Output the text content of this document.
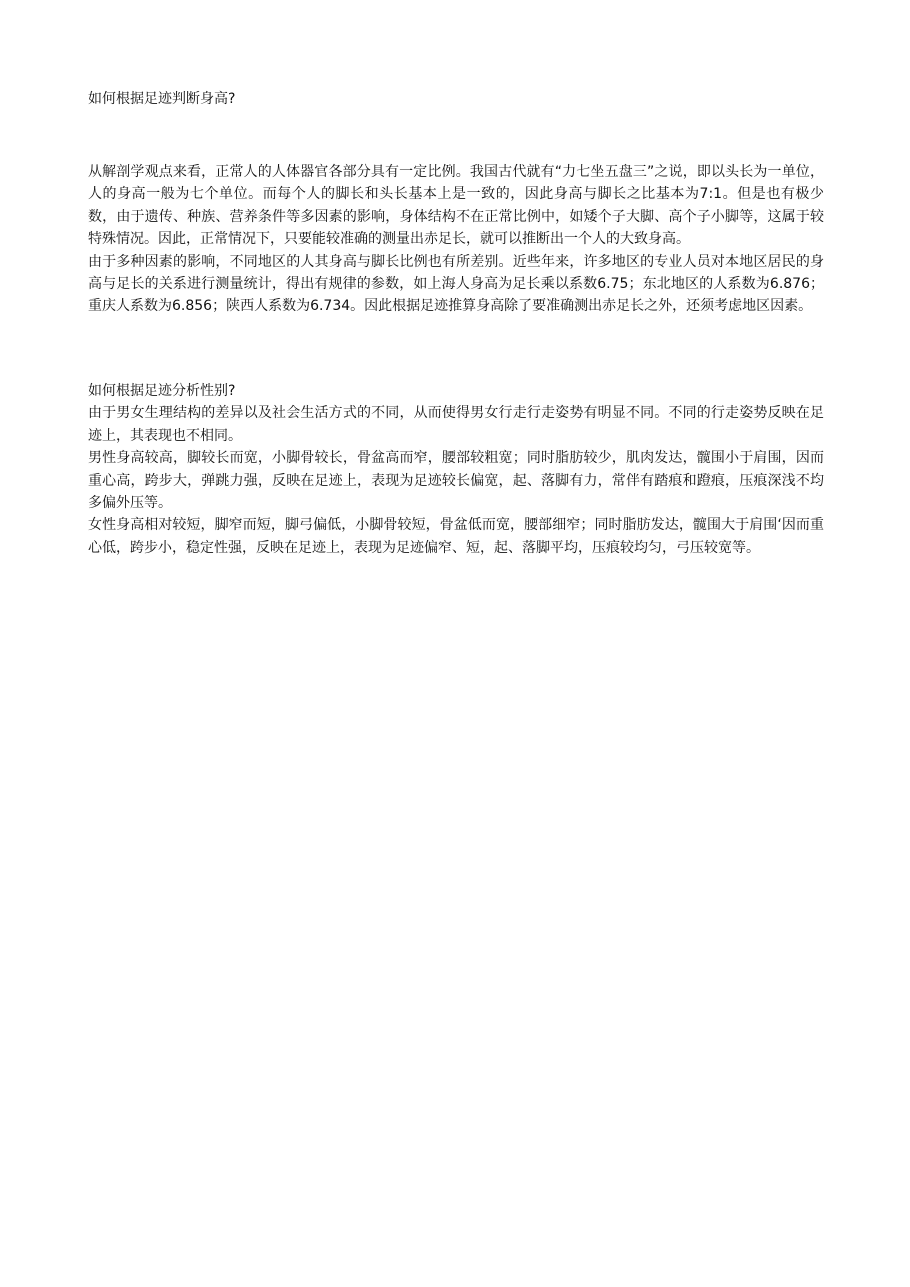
如何根据足迹判断身高?

从解剖学观点来看，正常人的人体器官各部分具有一定比例。我国古代就有“力七坐五盘三”之说，即以头长为一单位，人的身高一般为七个单位。而每个人的脚长和头长基本上是一致的，因此身高与脚长之比基本为7:1。但是也有极少数，由于遗传、种族、营养条件等多因素的影响，身体结构不在正常比例中，如矮个子大脚、高个子小脚等，这属于较特殊情况。因此，正常情况下，只要能较准确的测量出赤足长，就可以推断出一个人的大致身高。

由于多种因素的影响，不同地区的人其身高与脚长比例也有所差别。近些年来，许多地区的专业人员对本地区居民的身高与足长的关系进行测量统计，得出有规律的参数，如上海人身高为足长乘以系数6.75；东北地区的人系数为6.876；重庆人系数为6.856；陕西人系数为6.734。因此根据足迹推算身高除了要准确测出赤足长之外，还须考虑地区因素。

如何根据足迹分析性别?

由于男女生理结构的差异以及社会生活方式的不同，从而使得男女行走行走姿势有明显不同。不同的行走姿势反映在足迹上，其表现也不相同。

男性身高较高，脚较长而宽，小脚骨较长，骨盆高而窄，腰部较粗宽；同时脂肪较少，肌肉发达，髋围小于肩围，因而重心高，跨步大，弹跳力强，反映在足迹上，表现为足迹较长偏宽，起、落脚有力，常伴有踏痕和蹬痕，压痕深浅不均多偏外压等。

女性身高相对较短，脚窄而短，脚弓偏低，小脚骨较短，骨盆低而宽，腰部细窄；同时脂肪发达，髋围大于肩围‘因而重心低，跨步小，稳定性强，反映在足迹上，表现为足迹偏窄、短，起、落脚平均，压痕较均匀，弓压较宽等。
